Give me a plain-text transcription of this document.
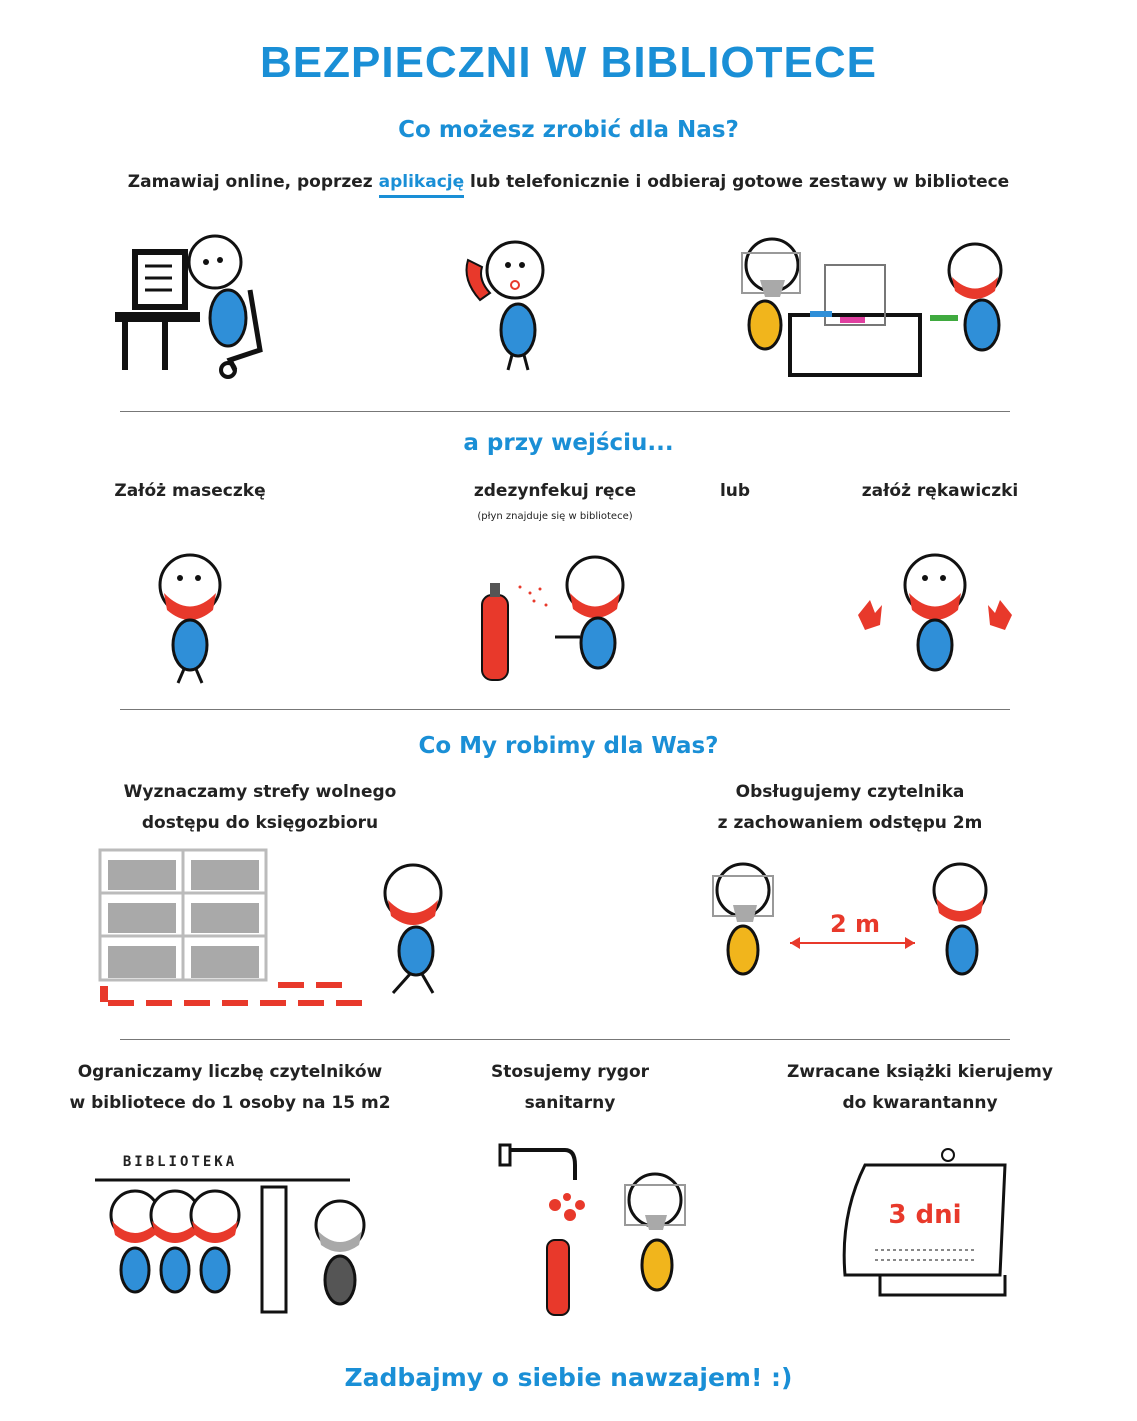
BEZPIECZNI W BIBLIOTECE
Co możesz zrobić dla Nas?
Zamawiaj online, poprzez aplikację lub telefonicznie i odbieraj gotowe zestawy w bibliotece
a przy wejściu...
Załóż maseczkę	zdezynfekuj ręce
(płyn znajduje się w bibliotece)
lub	załóż rękawiczki
Co My robimy dla Was?
Wyznaczamy strefy wolnego
dostępu do księgozbioru
Obsługujemy czytelnika
z zachowaniem odstępu 2m
2 m
Ograniczamy liczbę czytelników
w bibliotece do 1 osoby na 15 m2
Stosujemy rygor
sanitarny
Zwracane książki kierujemy
do kwarantanny
BIBLIOTEKA
3 dni
Zadbajmy o siebie nawzajem! :)
